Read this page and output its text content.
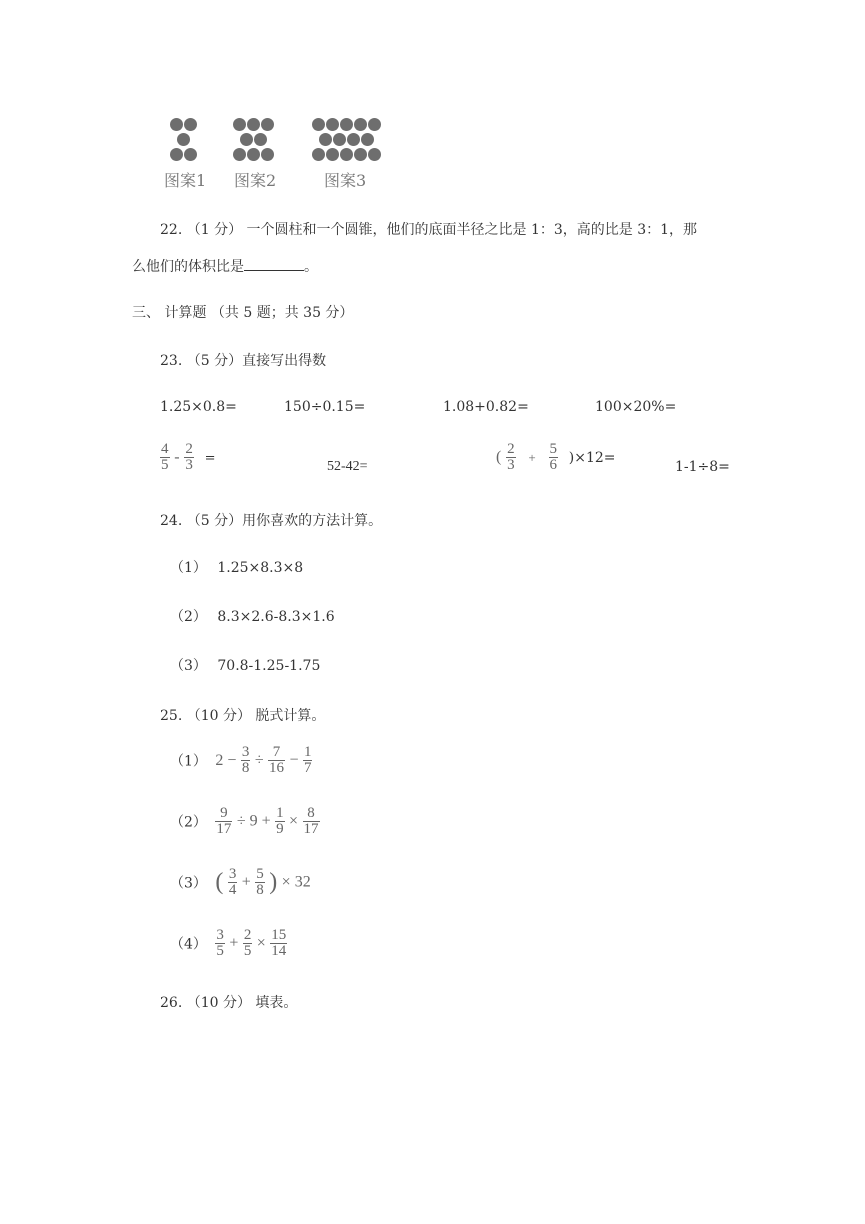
图案1 图案2	图案3
22. （1 分） 一个圆柱和一个圆锥，他们的底面半径之比是 1：3，高的比是 3：1，那
么他们的体积比是	。
三、 计算题 （共 5 题；共 35 分）
23. （5 分）直接写出得数
1.25×0.8=	150÷0.15=	1.08+0.82=	100×20%=
$\frac{4}{5} - \frac{2}{3}$ =
52-42=
( $\frac{2}{3} + \frac{5}{6} )\times 12=$
1-1÷8=
24. （5 分）用你喜欢的方法计算。
（1） 1.25×8.3×8
（2） 8.3×2.6-8.3×1.6
（3） 70.8-1.25-1.75
25. （10 分） 脱式计算。
（1） $2 - \frac{3}{8} \div \frac{7}{16} - \frac{1}{7}$
$(2) \frac{9}{17} \div 9 + \frac{1}{9} \times \frac{8}{17}$
（3） ( $\frac{3}{4} + \frac{5}{8}$ ) × 32
$(4) \frac{3}{5} + \frac{2}{5} \times \frac{15}{14}$
26. （10 分） 填表。
